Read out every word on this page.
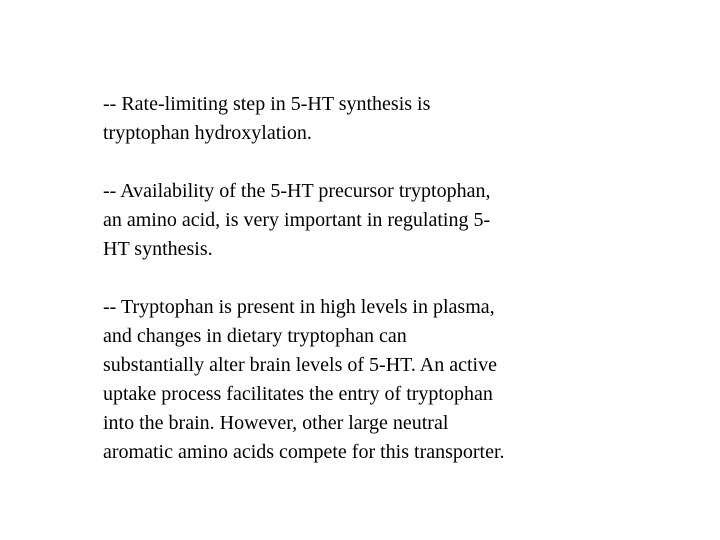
-- Rate-limiting step in 5-HT synthesis is
tryptophan hydroxylation.

-- Availability of the 5-HT precursor tryptophan,
an amino acid, is very important in regulating 5-
HT synthesis.

-- Tryptophan is present in high levels in plasma,
and changes in dietary tryptophan can
substantially alter brain levels of 5-HT. An active
uptake process facilitates the entry of tryptophan
into the brain. However, other large neutral
aromatic amino acids compete for this transporter.
